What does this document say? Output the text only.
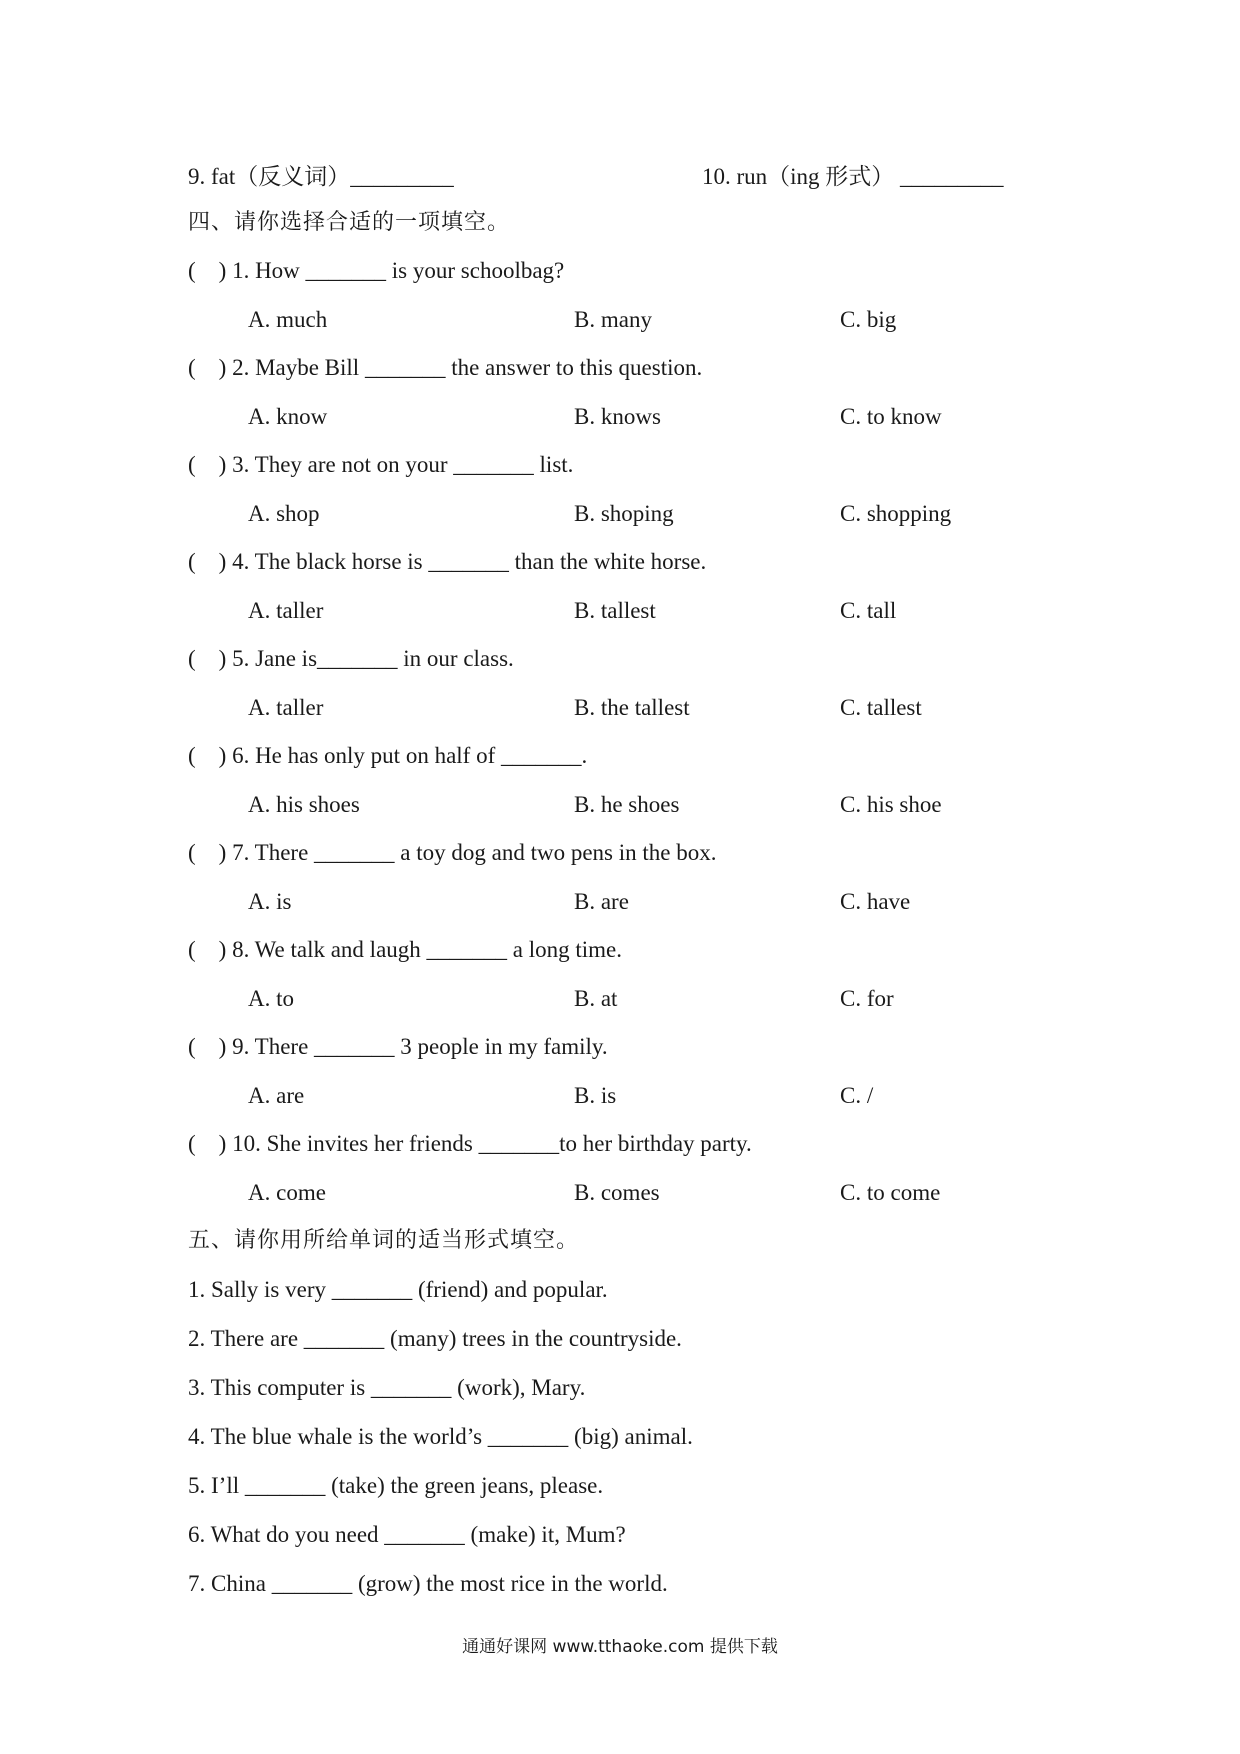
9. fat（反义词）_________	10. run（ing 形式） _________
四、请你选择合适的一项填空。
(    ) 1. How _______ is your schoolbag?
A. much	B. many	C. big
(    ) 2. Maybe Bill _______ the answer to this question.
A. know	B. knows	C. to know
(    ) 3. They are not on your _______ list.
A. shop	B. shoping	C. shopping
(    ) 4. The black horse is _______ than the white horse.
A. taller	B. tallest	C. tall
(    ) 5. Jane is_______ in our class.
A. taller	B. the tallest	C. tallest
(    ) 6. He has only put on half of _______.
A. his shoes	B. he shoes	C. his shoe
(    ) 7. There _______ a toy dog and two pens in the box.
A. is	B. are	C. have
(    ) 8. We talk and laugh _______ a long time.
A. to	B. at	C. for
(    ) 9. There _______ 3 people in my family.
A. are	B. is	C. /
(    ) 10. She invites her friends _______to her birthday party.
A. come	B. comes	C. to come
五、请你用所给单词的适当形式填空。
1. Sally is very _______ (friend) and popular.
2. There are _______ (many) trees in the countryside.
3. This computer is _______ (work), Mary.
4. The blue whale is the world’s _______ (big) animal.
5. I’ll _______ (take) the green jeans, please.
6. What do you need _______ (make) it, Mum?
7. China _______ (grow) the most rice in the world.
通通好课网 www.tthaoke.com 提供下载
